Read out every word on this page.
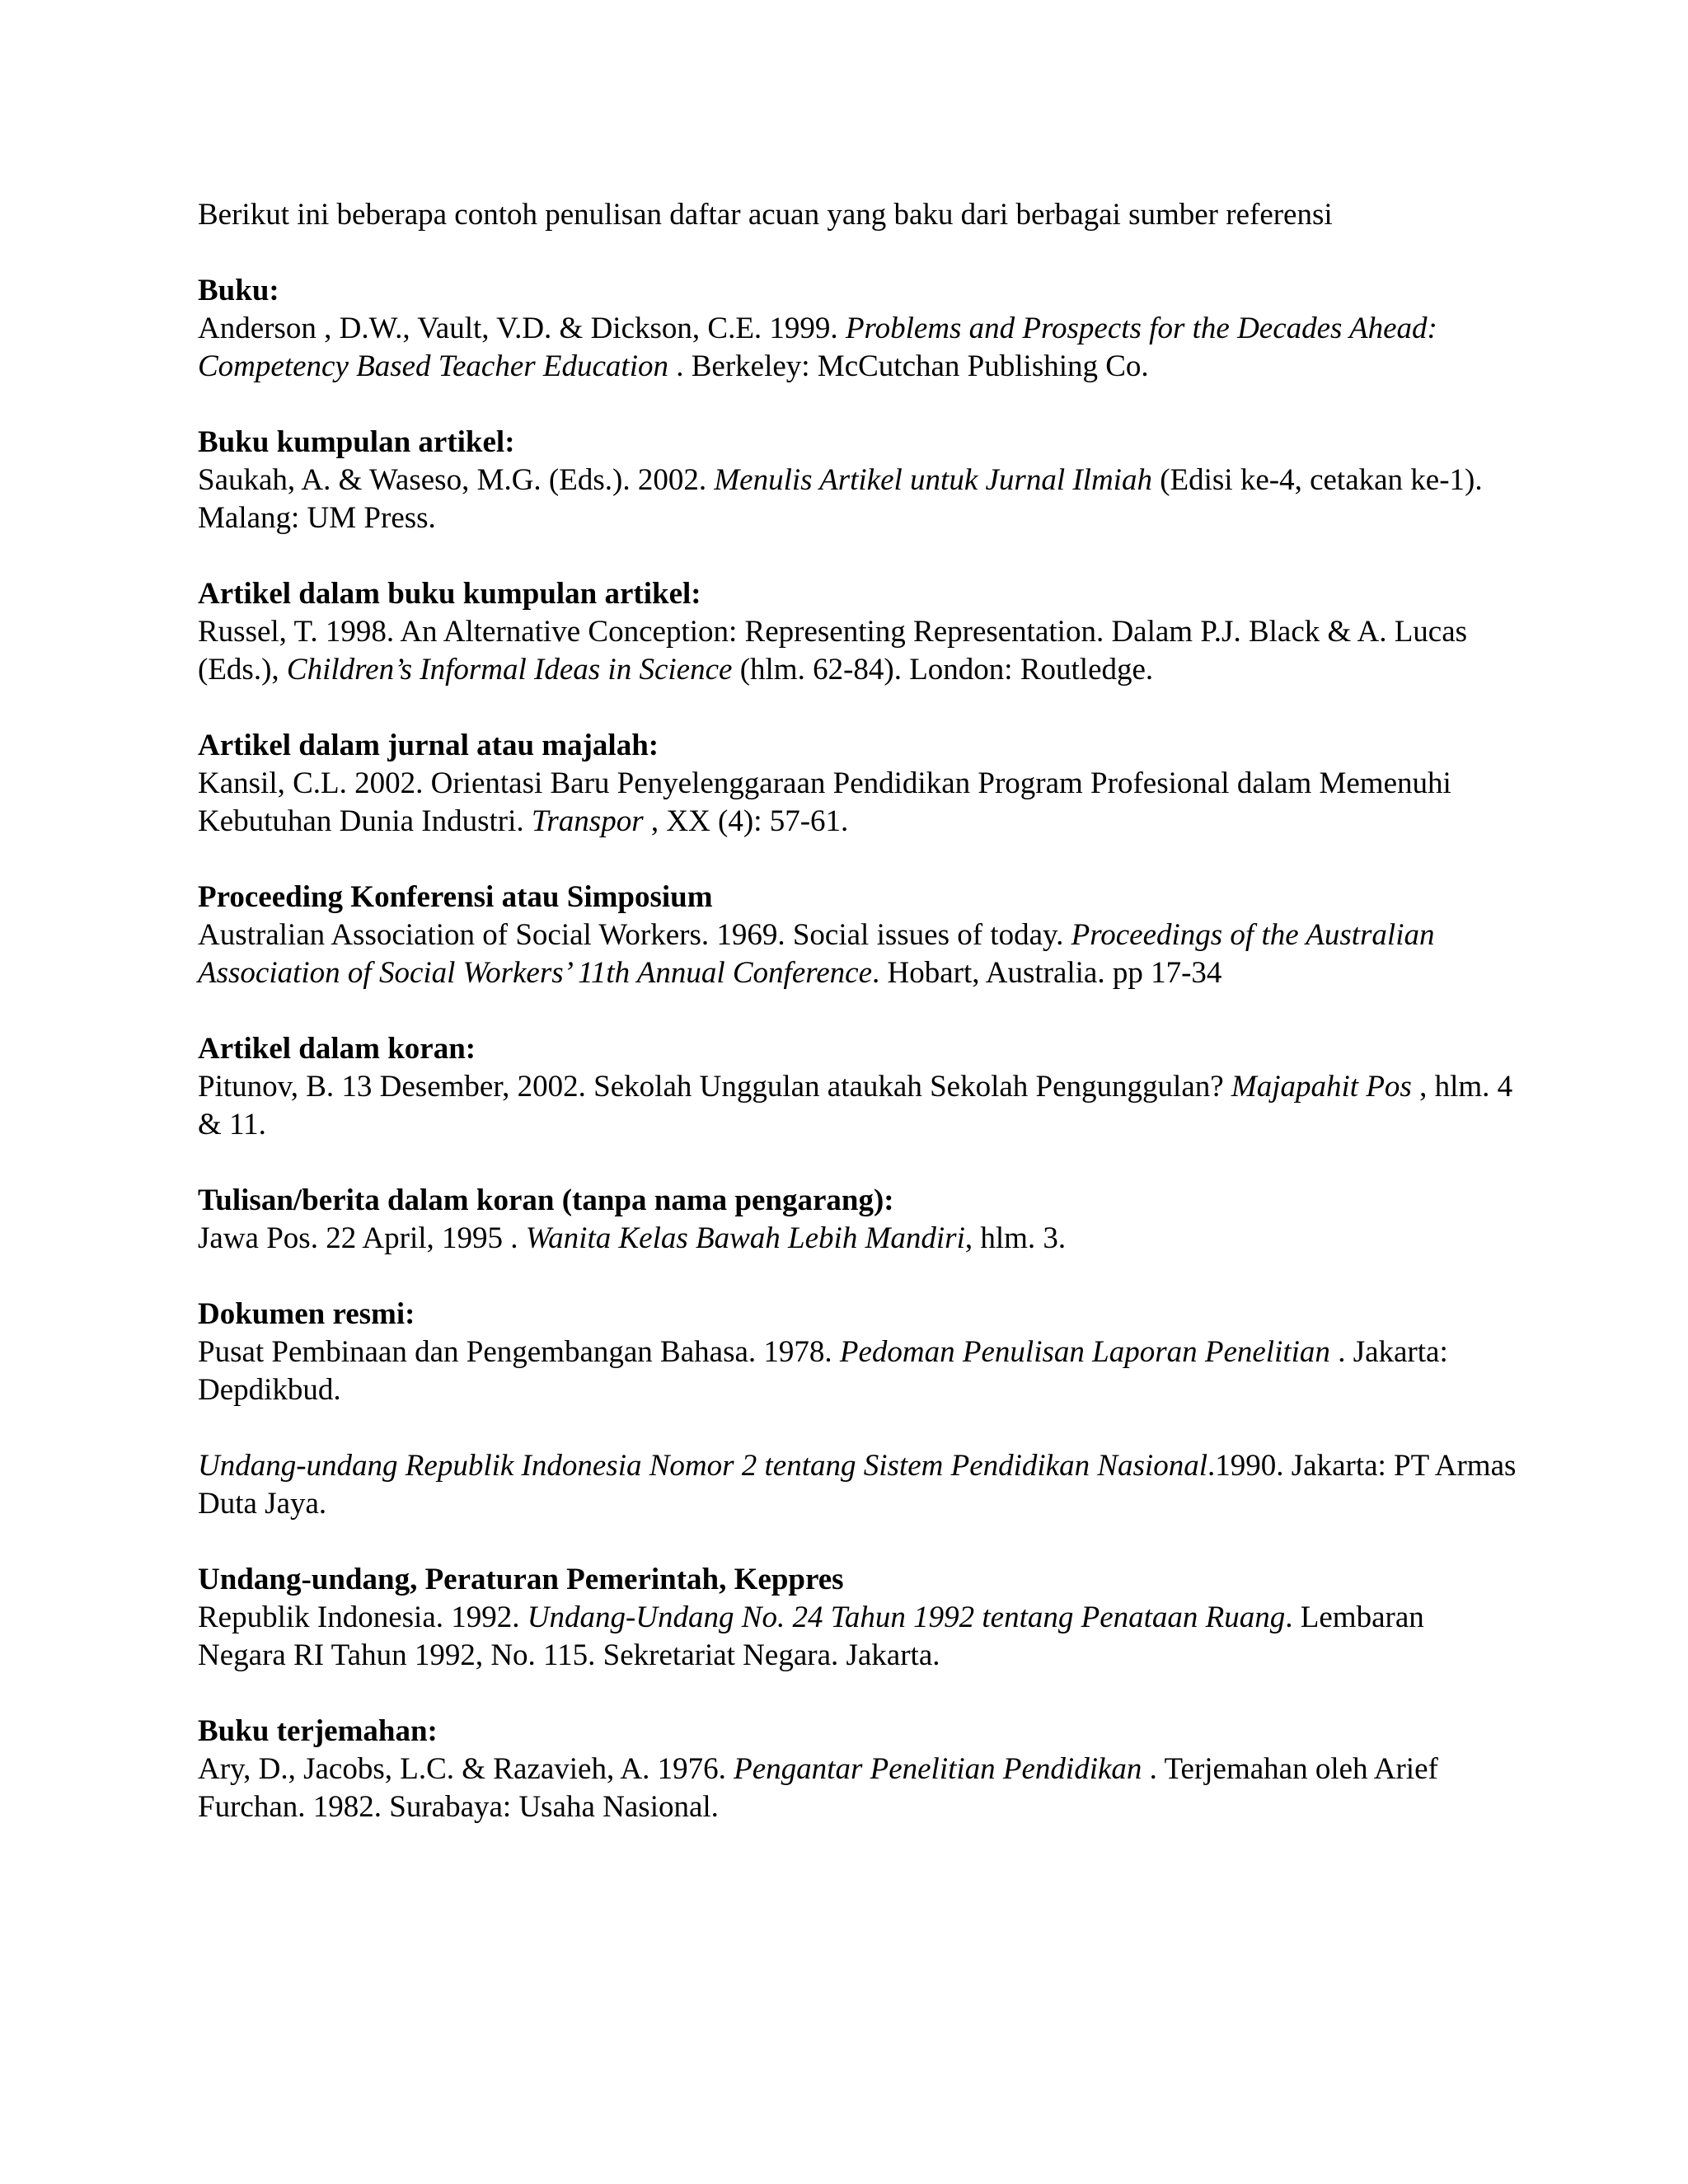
Berikut ini beberapa contoh penulisan daftar acuan yang baku dari berbagai sumber referensi

Buku:
Anderson , D.W., Vault, V.D. & Dickson, C.E. 1999. Problems and Prospects for the Decades Ahead: Competency Based Teacher Education . Berkeley: McCutchan Publishing Co.
Buku kumpulan artikel:
Saukah, A. & Waseso, M.G. (Eds.). 2002. Menulis Artikel untuk Jurnal Ilmiah (Edisi ke-4, cetakan ke-1). Malang: UM Press.
Artikel dalam buku kumpulan artikel:
Russel, T. 1998. An Alternative Conception: Representing Representation. Dalam P.J. Black & A. Lucas (Eds.), Children’s Informal Ideas in Science (hlm. 62-84). London: Routledge.
Artikel dalam jurnal atau majalah:
Kansil, C.L. 2002. Orientasi Baru Penyelenggaraan Pendidikan Program Profesional dalam Memenuhi Kebutuhan Dunia Industri. Transpor , XX (4): 57-61.
Proceeding Konferensi atau Simposium
Australian Association of Social Workers. 1969. Social issues of today. Proceedings of the Australian Association of Social Workers’ 11th Annual Conference. Hobart, Australia. pp 17-34
Artikel dalam koran:
Pitunov, B. 13 Desember, 2002. Sekolah Unggulan ataukah Sekolah Pengunggulan? Majapahit Pos , hlm. 4 & 11.
Tulisan/berita dalam koran (tanpa nama pengarang):
Jawa Pos. 22 April, 1995 . Wanita Kelas Bawah Lebih Mandiri, hlm. 3.
Dokumen resmi:
Pusat Pembinaan dan Pengembangan Bahasa. 1978. Pedoman Penulisan Laporan Penelitian . Jakarta: Depdikbud.
Undang-undang Republik Indonesia Nomor 2 tentang Sistem Pendidikan Nasional.1990. Jakarta: PT Armas Duta Jaya.
Undang-undang, Peraturan Pemerintah, Keppres
Republik Indonesia. 1992. Undang-Undang No. 24 Tahun 1992 tentang Penataan Ruang. Lembaran Negara RI Tahun 1992, No. 115. Sekretariat Negara. Jakarta.
Buku terjemahan:
Ary, D., Jacobs, L.C. & Razavieh, A. 1976. Pengantar Penelitian Pendidikan . Terjemahan oleh Arief Furchan. 1982. Surabaya: Usaha Nasional.
